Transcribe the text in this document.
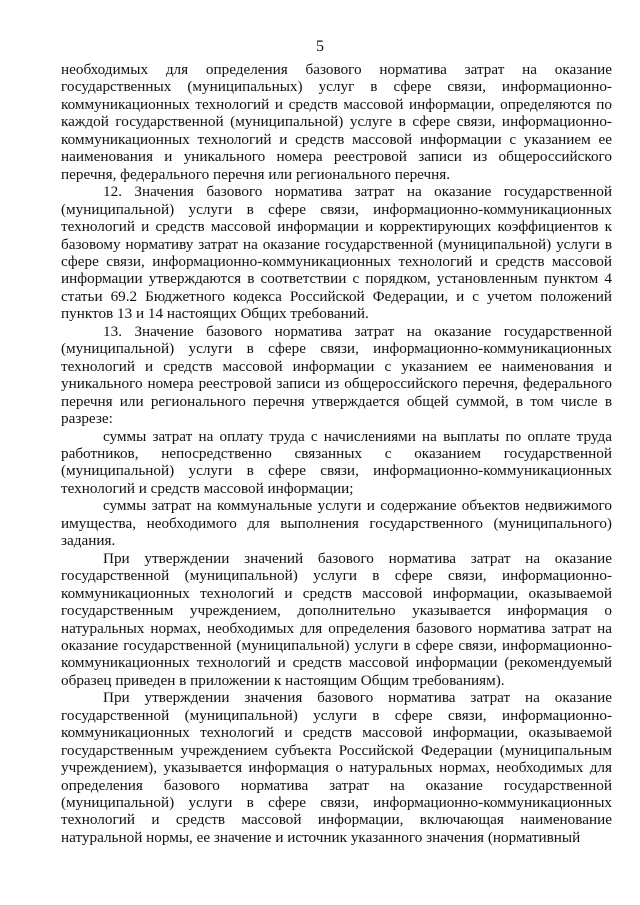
5

необходимых для определения базового норматива затрат на оказание государственных (муниципальных) услуг в сфере связи, информационно-коммуникационных технологий и средств массовой информации, определяются по каждой государственной (муниципальной) услуге в сфере связи, информационно-коммуникационных технологий и средств массовой информации с указанием ее наименования и уникального номера реестровой записи из общероссийского перечня, федерального перечня или регионального перечня.

12. Значения базового норматива затрат на оказание государственной (муниципальной) услуги в сфере связи, информационно-коммуникационных технологий и средств массовой информации и корректирующих коэффициентов к базовому нормативу затрат на оказание государственной (муниципальной) услуги в сфере связи, информационно-коммуникационных технологий и средств массовой информации утверждаются в соответствии с порядком, установленным пунктом 4 статьи 69.2 Бюджетного кодекса Российской Федерации, и с учетом положений пунктов 13 и 14 настоящих Общих требований.

13. Значение базового норматива затрат на оказание государственной (муниципальной) услуги в сфере связи, информационно-коммуникационных технологий и средств массовой информации с указанием ее наименования и уникального номера реестровой записи из общероссийского перечня, федерального перечня или регионального перечня утверждается общей суммой, в том числе в разрезе:

суммы затрат на оплату труда с начислениями на выплаты по оплате труда работников, непосредственно связанных с оказанием государственной (муниципальной) услуги в сфере связи, информационно-коммуникационных технологий и средств массовой информации;

суммы затрат на коммунальные услуги и содержание объектов недвижимого имущества, необходимого для выполнения государственного (муниципального) задания.

При утверждении значений базового норматива затрат на оказание государственной (муниципальной) услуги в сфере связи, информационно-коммуникационных технологий и средств массовой информации, оказываемой государственным учреждением, дополнительно указывается информация о натуральных нормах, необходимых для определения базового норматива затрат на оказание государственной (муниципальной) услуги в сфере связи, информационно-коммуникационных технологий и средств массовой информации (рекомендуемый образец приведен в приложении к настоящим Общим требованиям).

При утверждении значения базового норматива затрат на оказание государственной (муниципальной) услуги в сфере связи, информационно-коммуникационных технологий и средств массовой информации, оказываемой государственным учреждением субъекта Российской Федерации (муниципальным учреждением), указывается информация о натуральных нормах, необходимых для определения базового норматива затрат на оказание государственной (муниципальной) услуги в сфере связи, информационно-коммуникационных технологий и средств массовой информации, включающая наименование натуральной нормы, ее значение и источник указанного значения (нормативный
